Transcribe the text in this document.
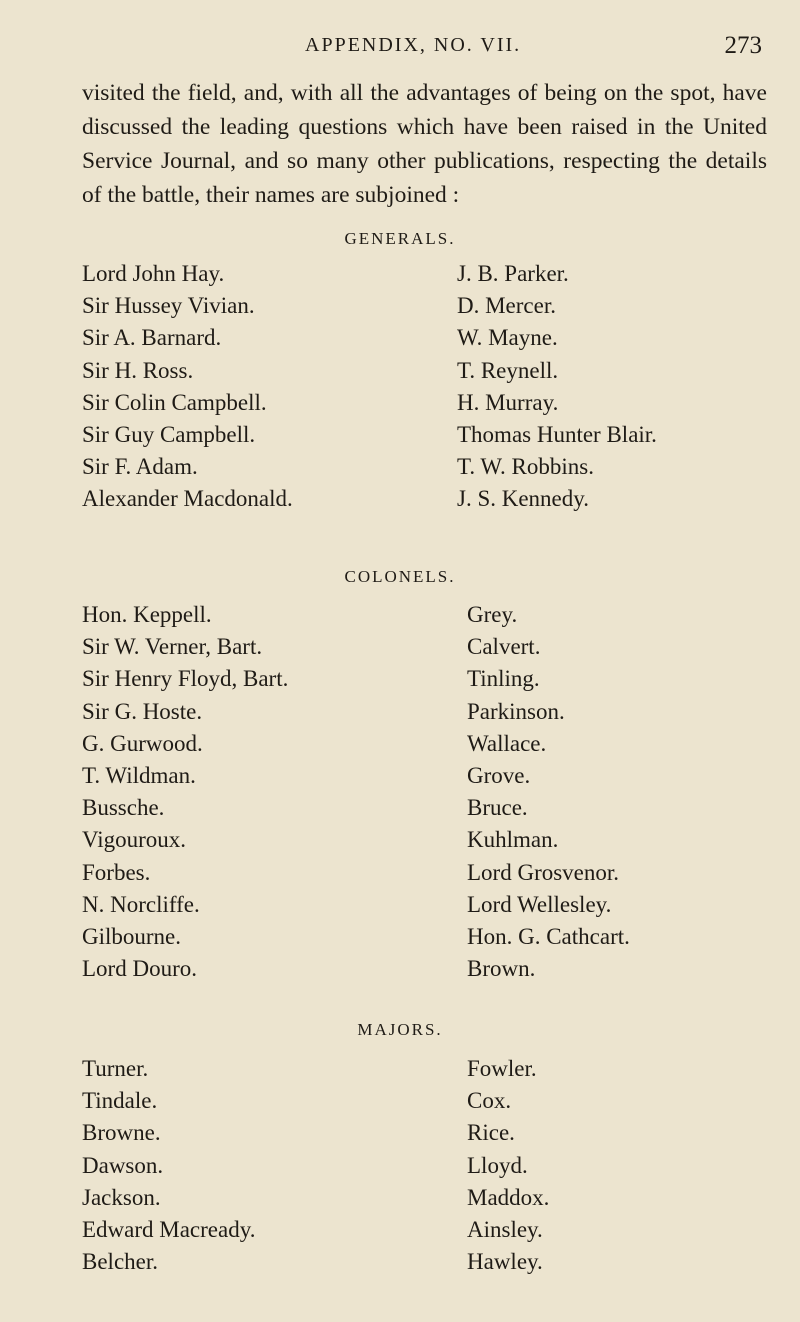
APPENDIX, NO. VII.	273
visited the field, and, with all the advantages of being on the spot, have discussed the leading questions which have been raised in the United Service Journal, and so many other publications, respecting the details of the battle, their names are subjoined :
GENERALS.
Lord John Hay.
Sir Hussey Vivian.
Sir A. Barnard.
Sir H. Ross.
Sir Colin Campbell.
Sir Guy Campbell.
Sir F. Adam.
Alexander Macdonald.
J. B. Parker.
D. Mercer.
W. Mayne.
T. Reynell.
H. Murray.
Thomas Hunter Blair.
T. W. Robbins.
J. S. Kennedy.
COLONELS.
Hon. Keppell.
Sir W. Verner, Bart.
Sir Henry Floyd, Bart.
Sir G. Hoste.
G. Gurwood.
T. Wildman.
Bussche.
Vigouroux.
Forbes.
N. Norcliffe.
Gilbourne.
Lord Douro.
Grey.
Calvert.
Tinling.
Parkinson.
Wallace.
Grove.
Bruce.
Kuhlman.
Lord Grosvenor.
Lord Wellesley.
Hon. G. Cathcart.
Brown.
MAJORS.
Turner.
Tindale.
Browne.
Dawson.
Jackson.
Edward Macready.
Belcher.
Fowler.
Cox.
Rice.
Lloyd.
Maddox.
Ainsley.
Hawley.
